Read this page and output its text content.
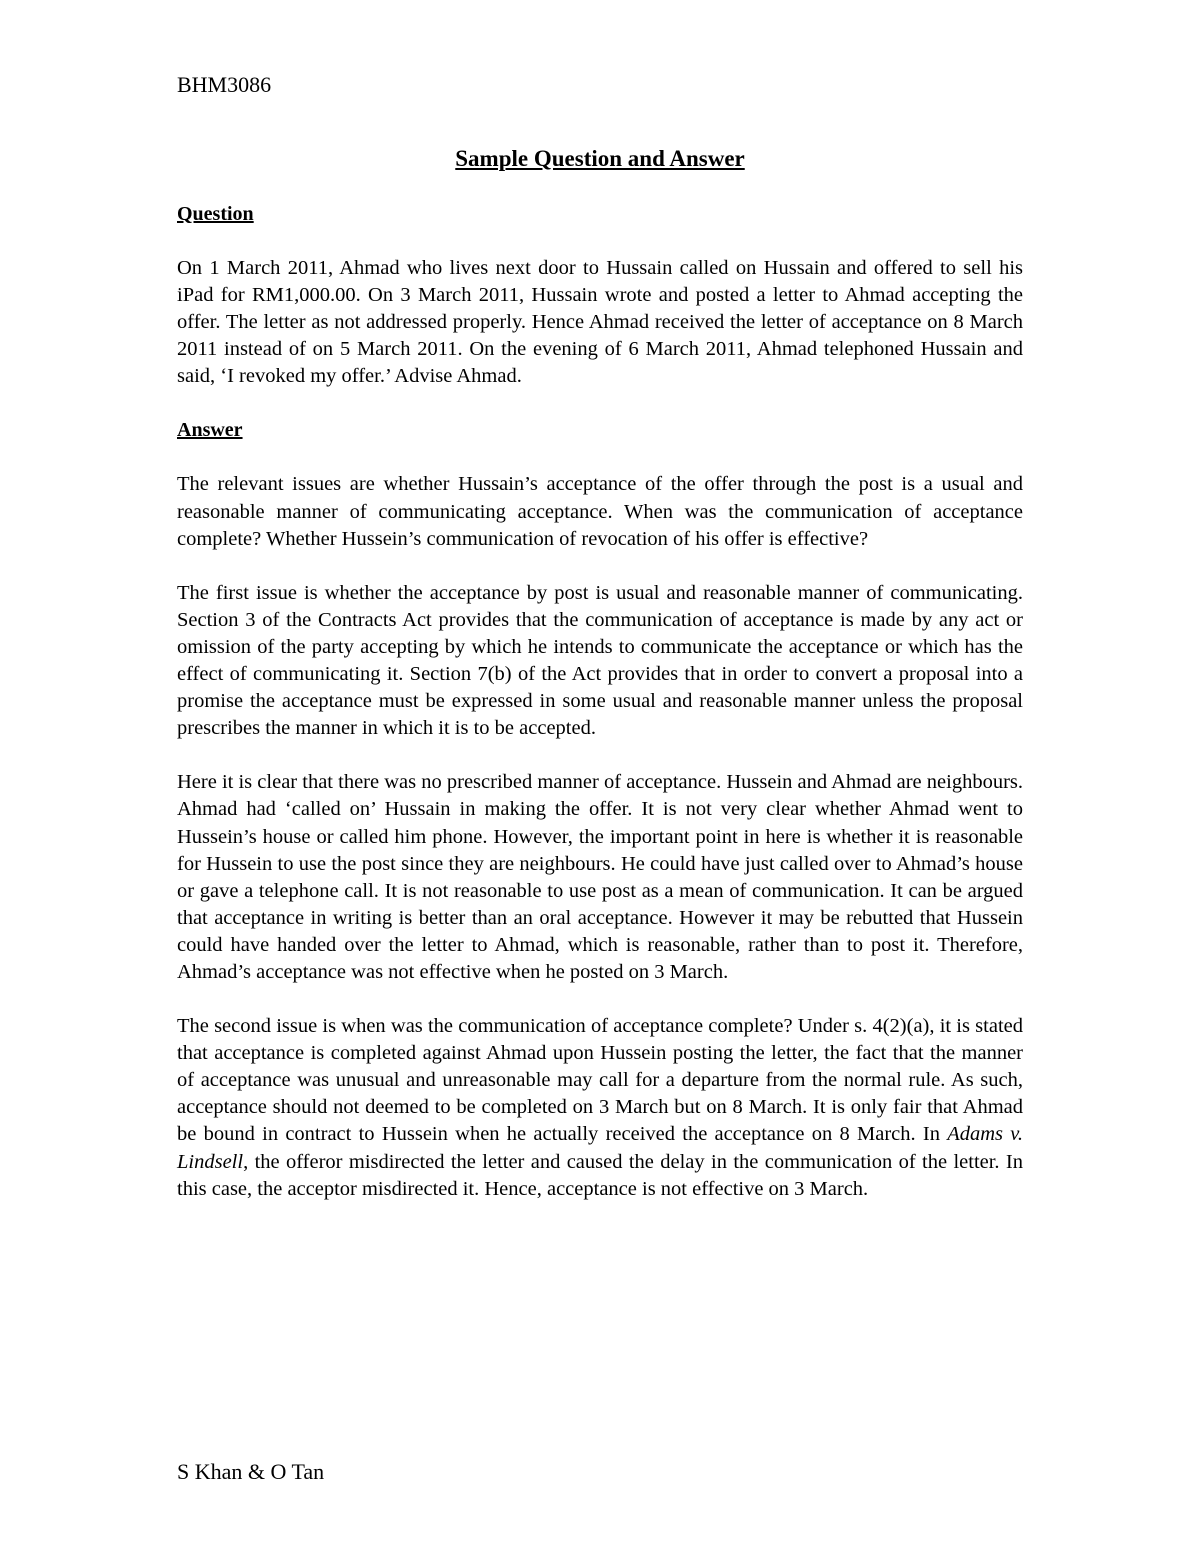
BHM3086
Sample Question and Answer

Question

On 1 March 2011, Ahmad who lives next door to Hussain called on Hussain and offered to sell his iPad for RM1,000.00. On 3 March 2011, Hussain wrote and posted a letter to Ahmad accepting the offer. The letter as not addressed properly. Hence Ahmad received the letter of acceptance on 8 March 2011 instead of on 5 March 2011. On the evening of 6 March 2011, Ahmad telephoned Hussain and said, ‘I revoked my offer.’ Advise Ahmad.

Answer

The relevant issues are whether Hussain’s acceptance of the offer through the post is a usual and reasonable manner of communicating acceptance. When was the communication of acceptance complete? Whether Hussein’s communication of revocation of his offer is effective?

The first issue is whether the acceptance by post is usual and reasonable manner of communicating. Section 3 of the Contracts Act provides that the communication of acceptance is made by any act or omission of the party accepting by which he intends to communicate the acceptance or which has the effect of communicating it. Section 7(b) of the Act provides that in order to convert a proposal into a promise the acceptance must be expressed in some usual and reasonable manner unless the proposal prescribes the manner in which it is to be accepted.

Here it is clear that there was no prescribed manner of acceptance. Hussein and Ahmad are neighbours. Ahmad had ‘called on’ Hussain in making the offer. It is not very clear whether Ahmad went to Hussein’s house or called him phone. However, the important point in here is whether it is reasonable for Hussein to use the post since they are neighbours. He could have just called over to Ahmad’s house or gave a telephone call. It is not reasonable to use post as a mean of communication. It can be argued that acceptance in writing is better than an oral acceptance. However it may be rebutted that Hussein could have handed over the letter to Ahmad, which is reasonable, rather than to post it. Therefore, Ahmad’s acceptance was not effective when he posted on 3 March.

The second issue is when was the communication of acceptance complete? Under s. 4(2)(a), it is stated that acceptance is completed against Ahmad upon Hussein posting the letter, the fact that the manner of acceptance was unusual and unreasonable may call for a departure from the normal rule. As such, acceptance should not deemed to be completed on 3 March but on 8 March. It is only fair that Ahmad be bound in contract to Hussein when he actually received the acceptance on 8 March. In Adams v. Lindsell, the offeror misdirected the letter and caused the delay in the communication of the letter. In this case, the acceptor misdirected it. Hence, acceptance is not effective on 3 March.

S Khan & O Tan
